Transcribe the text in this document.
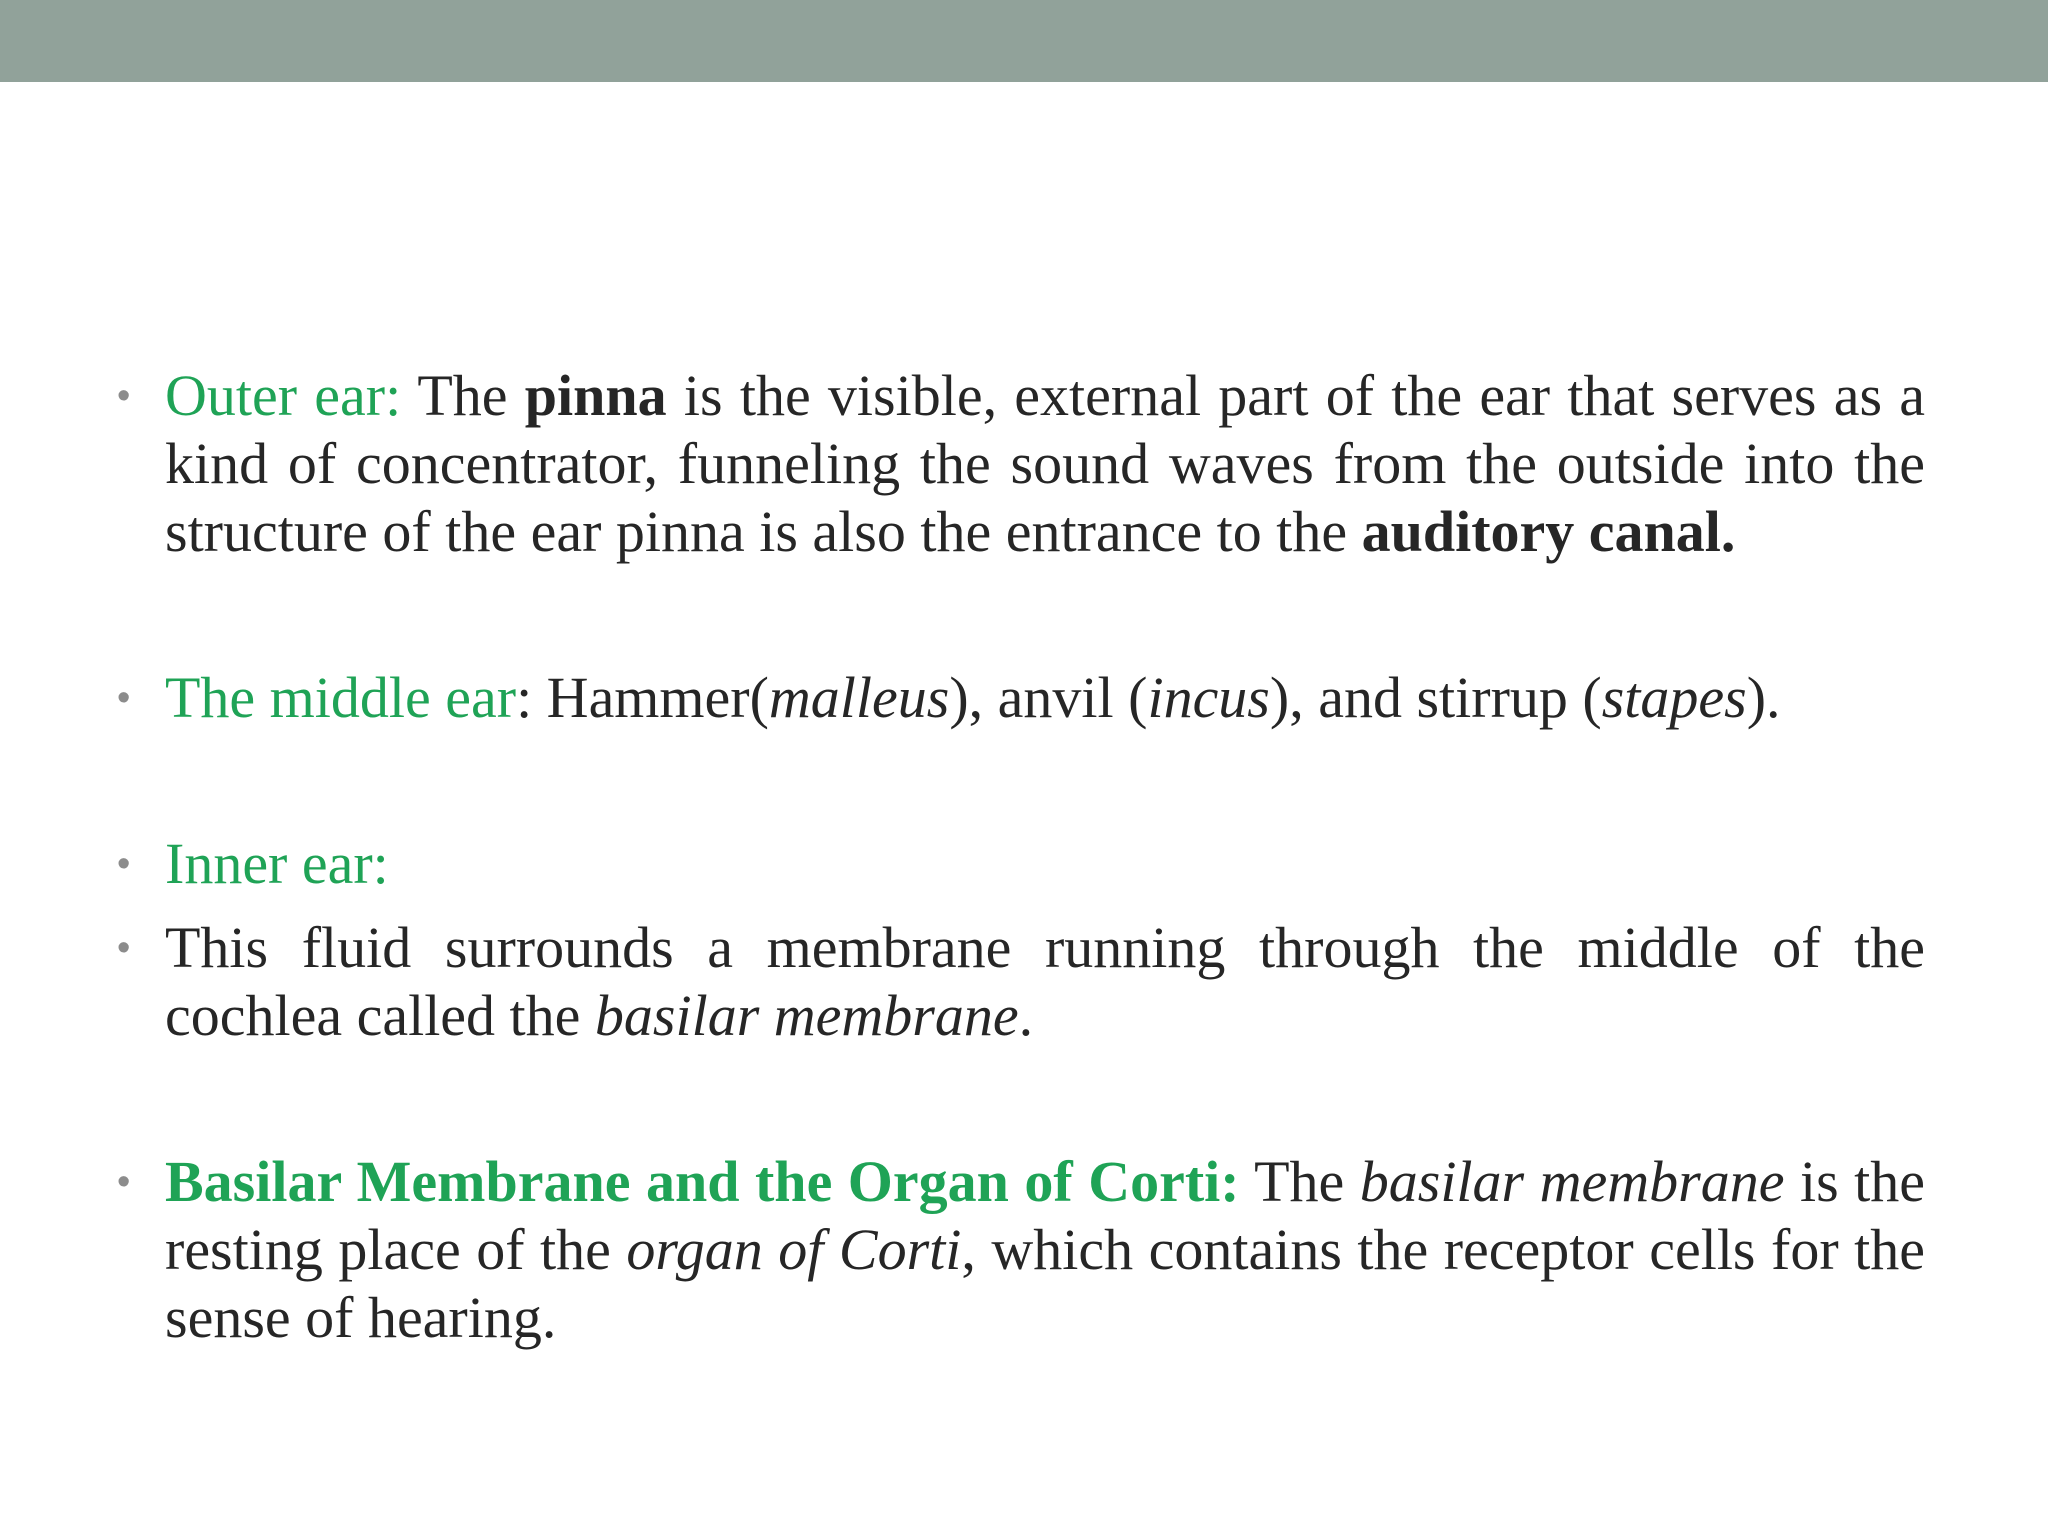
• Outer ear: The pinna is the visible, external part of the ear that serves as a kind of concentrator, funneling the sound waves from the outside into the structure of the ear pinna is also the entrance to the auditory canal.

• The middle ear: Hammer(malleus), anvil (incus), and stirrup (stapes).

• Inner ear:

• This fluid surrounds a membrane running through the middle of the cochlea called the basilar membrane.

• Basilar Membrane and the Organ of Corti: The basilar membrane is the resting place of the organ of Corti, which contains the receptor cells for the sense of hearing.
